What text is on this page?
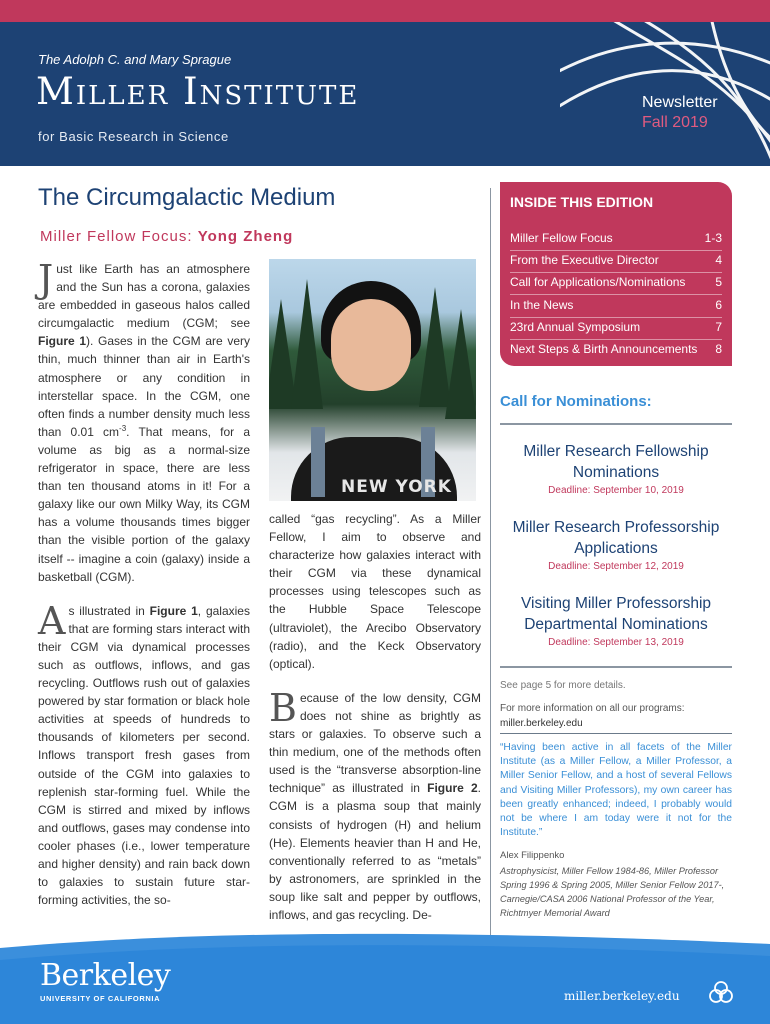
The Adolph C. and Mary Sprague
Miller Institute
for Basic Research in Science
Newsletter
Fall 2019
The Circumgalactic Medium
Miller Fellow Focus: Yong Zheng

Just like Earth has an atmosphere and the Sun has a corona, galaxies are embedded in gaseous halos called circumgalactic medium (CGM; see Figure 1). Gases in the CGM are very thin, much thinner than air in Earth's atmosphere or any condition in interstellar space. In the CGM, one often finds a number density much less than 0.01 $cm^{-3}$. That means, for a volume as big as a normal-size refrigerator in space, there are less than ten thousand atoms in it! For a galaxy like our own Milky Way, its CGM has a volume thousands times bigger than the visible portion of the galaxy itself -- imagine a coin (galaxy) inside a basketball (CGM).

As illustrated in Figure 1, galaxies that are forming stars interact with their CGM via dynamical processes such as outflows, inflows, and gas recycling. Outflows rush out of galaxies powered by star formation or black hole activities at speeds of hundreds to thousands of kilometers per second. Inflows transport fresh gases from outside of the CGM into galaxies to replenish star-forming fuel. While the CGM is stirred and mixed by inflows and outflows, gases may condense into cooler phases (i.e., lower temperature and higher density) and rain back down to galaxies to sustain future star-forming activities, the so-

NEW YORK

called “gas recycling”. As a Miller Fellow, I aim to observe and characterize how galaxies interact with their CGM via these dynamical processes using telescopes such as the Hubble Space Telescope (ultraviolet), the Arecibo Observatory (radio), and the Keck Observatory (optical).

Because of the low density, CGM does not shine as brightly as stars or galaxies. To observe such a thin medium, one of the methods often used is the “transverse absorption-line technique” as illustrated in Figure 2. CGM is a plasma soup that mainly consists of hydrogen (H) and helium (He). Elements heavier than H and He, conventionally referred to as “metals” by astronomers, are sprinkled in the soup like salt and pepper by outflows, inflows, and gas recycling. De-

INSIDE THIS EDITION
Miller Fellow Focus	1-3
From the Executive Director	4
Call for Applications/Nominations 5
In the News	6
23rd Annual Symposium	7
Next Steps & Birth Announcements 8
Call for Nominations:
Miller Research Fellowship
Nominations
Deadline: September 10, 2019
Miller Research Professorship
Applications
Deadline: September 12, 2019
Visiting Miller Professorship
Departmental Nominations
Deadline: September 13, 2019
See page 5 for more details.
For more information on all our programs:
miller.berkeley.edu
“Having been active in all facets of the Miller Institute (as a Miller Fellow, a Miller Professor, a Miller Senior Fellow, and a host of several Fellows and Visiting Miller Professors), my own career has been greatly enhanced; indeed, I probably would not be where I am today were it not for the Institute.”
Alex Filippenko
Astrophysicist, Miller Fellow 1984-86, Miller Professor Spring 1996 & Spring 2005, Miller Senior Fellow 2017-, Carnegie/CASA 2006 National Professor of the Year, Richtmyer Memorial Award
Berkeley
UNIVERSITY OF CALIFORNIA	miller.berkeley.edu
